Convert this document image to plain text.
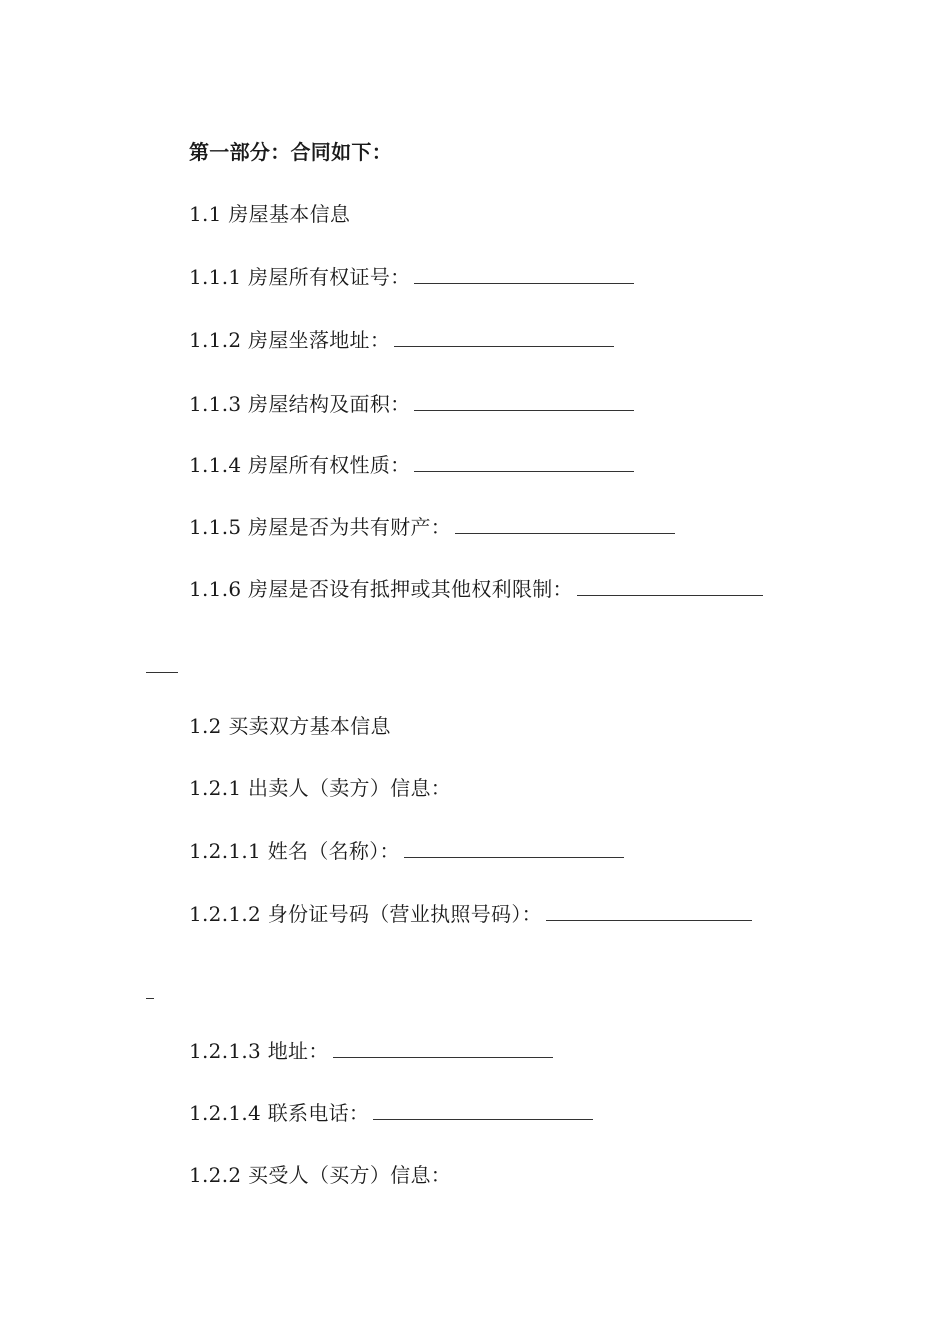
第一部分：合同如下：
1.1 房屋基本信息
1.1.1 房屋所有权证号：
1.1.2 房屋坐落地址：
1.1.3 房屋结构及面积：
1.1.4 房屋所有权性质：
1.1.5 房屋是否为共有财产：
1.1.6 房屋是否设有抵押或其他权利限制：
1.2 买卖双方基本信息
1.2.1 出卖人（卖方）信息：
1.2.1.1 姓名（名称）：
1.2.1.2 身份证号码（营业执照号码）：
1.2.1.3 地址：
1.2.1.4 联系电话：
1.2.2 买受人（买方）信息：
